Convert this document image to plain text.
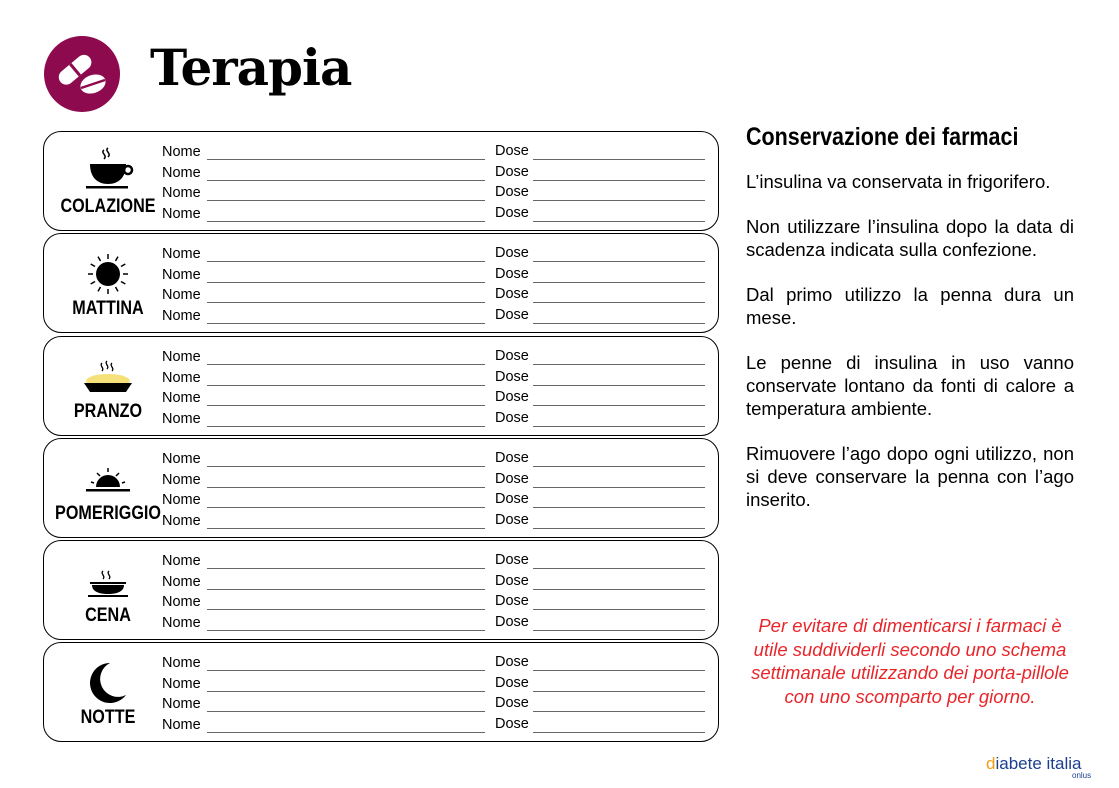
Terapia
COLAZIONE
Nome	Dose
Nome	Dose
Nome	Dose
Nome	Dose
MATTINA
Nome	Dose
Nome	Dose
Nome	Dose
Nome	Dose
PRANZO
Nome	Dose
Nome	Dose
Nome	Dose
Nome	Dose
POMERIGGIO
Nome	Dose
Nome	Dose
Nome	Dose
Nome	Dose
CENA
Nome	Dose
Nome	Dose
Nome	Dose
Nome	Dose
NOTTE
Nome	Dose
Nome	Dose
Nome	Dose
Nome	Dose
Conservazione dei farmaci

L’insulina va conservata in frigorifero.

Non utilizzare l’insulina dopo la data di scadenza indicata sulla confezione.

Dal primo utilizzo la penna dura un mese.

Le penne di insulina in uso vanno conservate lontano da fonti di calore a temperatura ambiente.

Rimuovere l’ago dopo ogni utilizzo, non si deve conservare la penna con l’ago inserito.

Per evitare di dimenticarsi i farmaci è utile suddividerli secondo uno schema settimanale utilizzando dei porta-pillole con uno scomparto per giorno.
diabete italia
onlus
